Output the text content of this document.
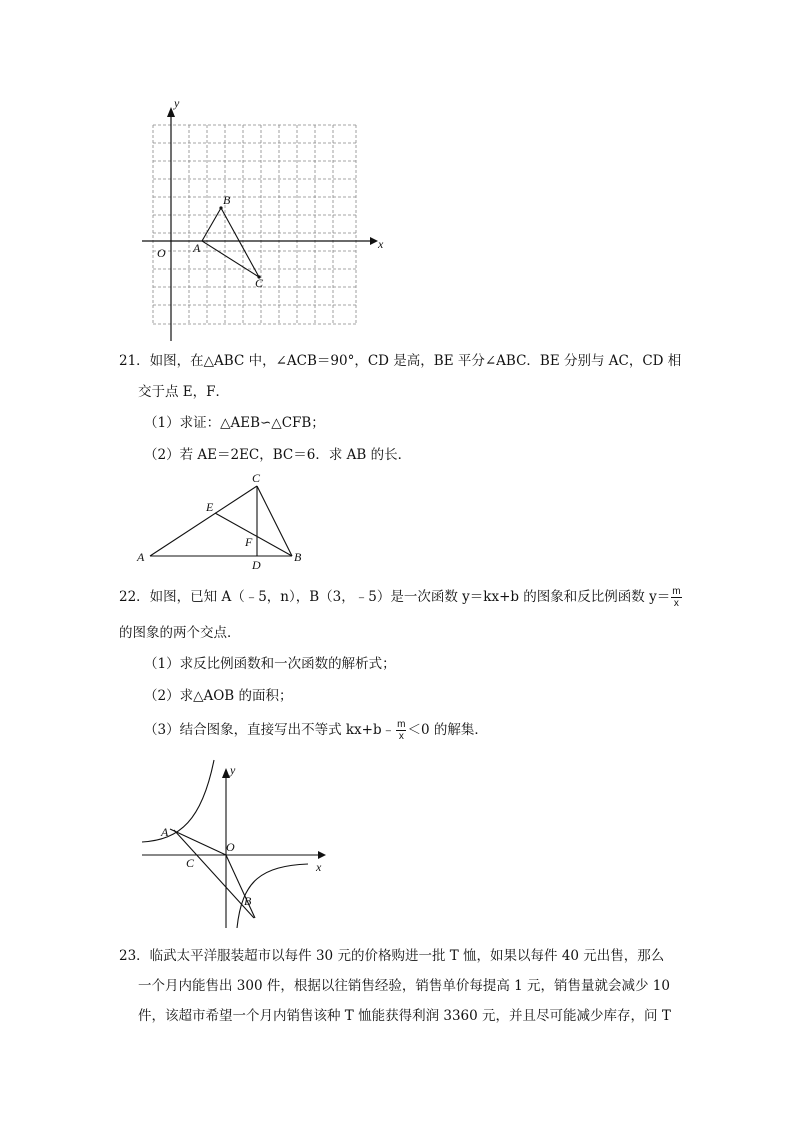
x
y
O A
B
C
21．如图，在△ABC 中，∠ACB＝90°，CD 是高，BE 平分∠ABC．BE 分别与 AC，CD 相
交于点 E，F．
（1）求证：△AEB∽△CFB；
（2）若 AE＝2EC，BC＝6．求 AB 的长．
A	B
C
D
E
F
22．如图，已知 A（﹣5，n），B（3，﹣5）是一次函数 y＝kx+b 的图象和反比例函数 $y= \frac{m}{x}$
的图象的两个交点．
（1）求反比例函数和一次函数的解析式；
（2）求△AOB 的面积；
（3）结合图象，直接写出不等式 kx+b﹣ $\frac{m}{x} <0$ 的解集．
x
y
O
A
B
C
23．临武太平洋服装超市以每件 30 元的价格购进一批 T 恤，如果以每件 40 元出售，那么
一个月内能售出 300 件，根据以往销售经验，销售单价每提高 1 元，销售量就会减少 10
件，该超市希望一个月内销售该种 T 恤能获得利润 3360 元，并且尽可能减少库存，问 T
